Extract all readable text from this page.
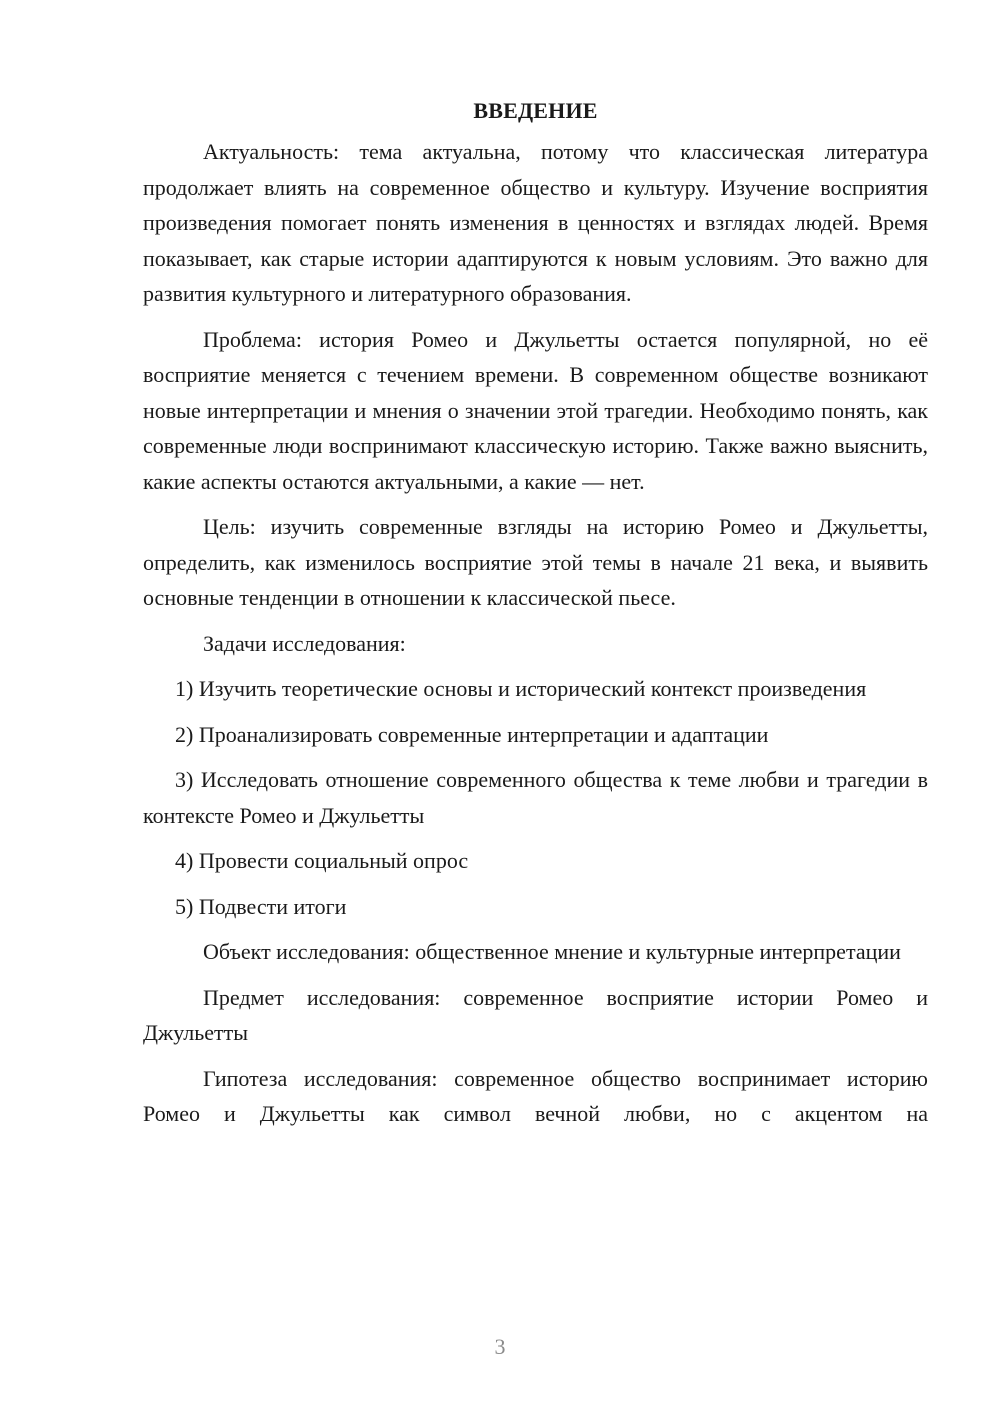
ВВЕДЕНИЕ

Актуальность: тема актуальна, потому что классическая литература продолжает влиять на современное общество и культуру. Изучение восприятия произведения помогает понять изменения в ценностях и взглядах людей. Время показывает, как старые истории адаптируются к новым условиям. Это важно для развития культурного и литературного образования.

Проблема: история Ромео и Джульетты остается популярной, но её восприятие меняется с течением времени. В современном обществе возникают новые интерпретации и мнения о значении этой трагедии. Необходимо понять, как современные люди воспринимают классическую историю. Также важно выяснить, какие аспекты остаются актуальными, а какие — нет.

Цель: изучить современные взгляды на историю Ромео и Джульетты, определить, как изменилось восприятие этой темы в начале 21 века, и выявить основные тенденции в отношении к классической пьесе.

Задачи исследования:

1) Изучить теоретические основы и исторический контекст произведения

2) Проанализировать современные интерпретации и адаптации

3) Исследовать отношение современного общества к теме любви и трагедии в контексте Ромео и Джульетты

4) Провести социальный опрос

5) Подвести итоги

Объект исследования: общественное мнение и культурные интерпретации

Предмет исследования: современное восприятие истории Ромео и Джульетты

Гипотеза исследования: современное общество воспринимает историю Ромео и Джульетты как символ вечной любви, но с акцентом на

3
